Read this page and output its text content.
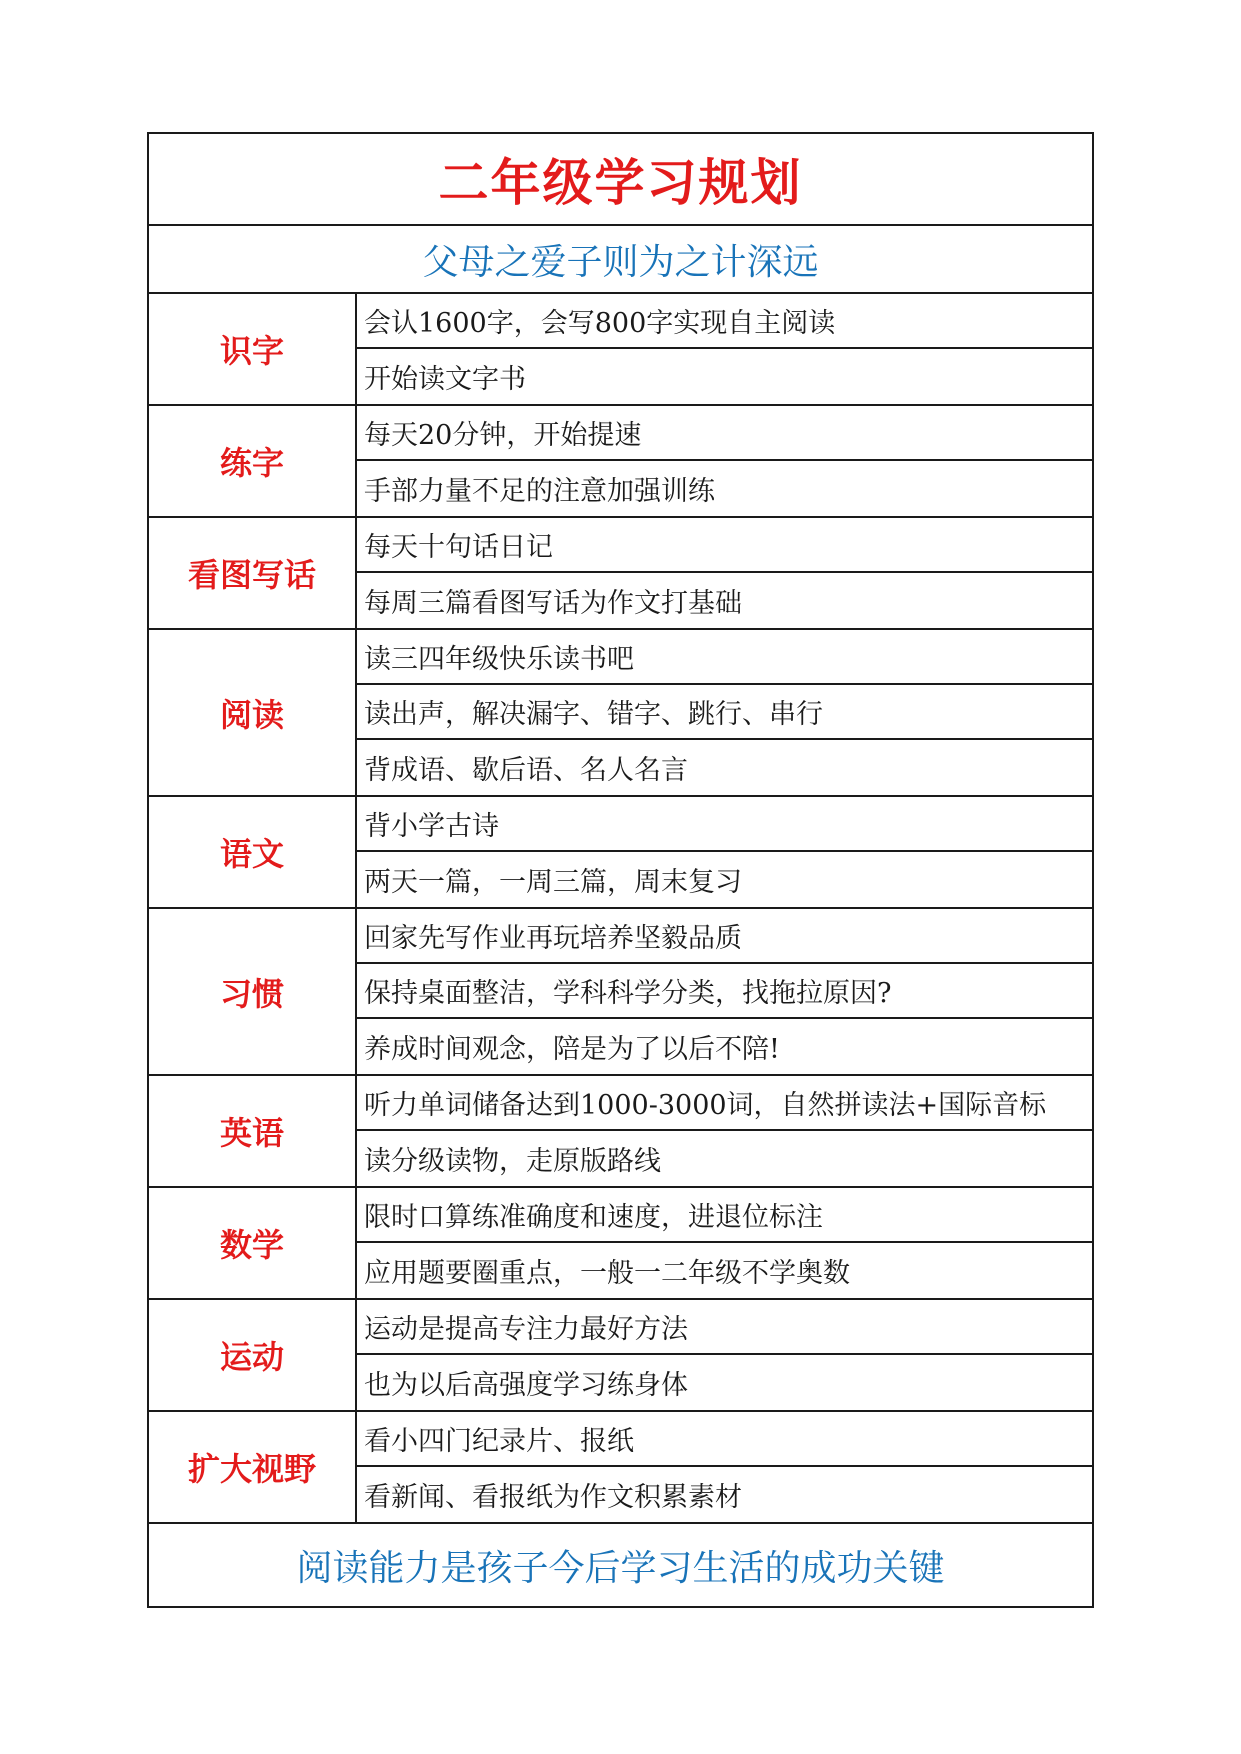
二年级学习规划
父母之爱子则为之计深远
识字
会认1600字，会写800字实现自主阅读
开始读文字书
练字
每天20分钟，开始提速
手部力量不足的注意加强训练
看图写话
每天十句话日记
每周三篇看图写话为作文打基础
阅读
读三四年级快乐读书吧
读出声，解决漏字、错字、跳行、串行
背成语、歇后语、名人名言
语文
背小学古诗
两天一篇，一周三篇，周末复习
习惯
回家先写作业再玩培养坚毅品质
保持桌面整洁，学科科学分类，找拖拉原因?
养成时间观念，陪是为了以后不陪!
英语
听力单词储备达到1000-3000词，自然拼读法+国际音标
读分级读物，走原版路线
数学
限时口算练准确度和速度，进退位标注
应用题要圈重点，一般一二年级不学奥数
运动
运动是提高专注力最好方法
也为以后高强度学习练身体
扩大视野
看小四门纪录片、报纸
看新闻、看报纸为作文积累素材
阅读能力是孩子今后学习生活的成功关键
